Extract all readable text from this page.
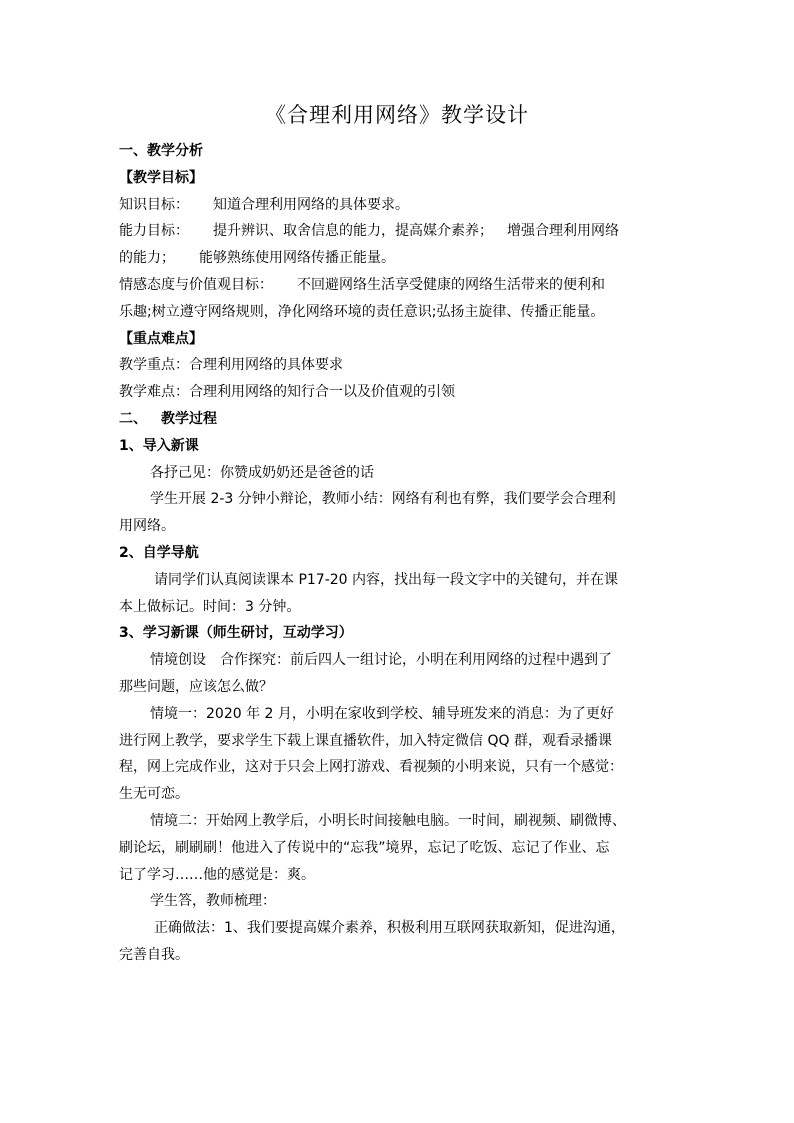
《合理利用网络》教学设计

一、教学分析

【教学目标】

知识目标： 知道合理利用网络的具体要求。

能力目标： 提升辨识、取舍信息的能力，提高媒介素养； 增强合理利用网络

的能力； 能够熟练使用网络传播正能量。

情感态度与价值观目标： 不回避网络生活享受健康的网络生活带来的便利和

乐趣;树立遵守网络规则，净化网络环境的责任意识;弘扬主旋律、传播正能量。

【重点难点】

教学重点：合理利用网络的具体要求

教学难点：合理利用网络的知行合一以及价值观的引领

二、 教学过程

1、导入新课

各抒己见：你赞成奶奶还是爸爸的话

学生开展 2-3 分钟小辩论，教师小结：网络有利也有弊，我们要学会合理利

用网络。

2、自学导航

请同学们认真阅读课本 P17-20 内容，找出每一段文字中的关键句，并在课

本上做标记。时间：3 分钟。

3、学习新课（师生研讨，互动学习）

情境创设 合作探究：前后四人一组讨论，小明在利用网络的过程中遇到了

那些问题，应该怎么做？

情境一：2020 年 2 月，小明在家收到学校、辅导班发来的消息：为了更好

进行网上教学，要求学生下载上课直播软件，加入特定微信 QQ 群，观看录播课

程，网上完成作业，这对于只会上网打游戏、看视频的小明来说，只有一个感觉：

生无可恋。

情境二：开始网上教学后，小明长时间接触电脑。一时间，刷视频、刷微博、

刷论坛，刷刷刷！他进入了传说中的“忘我”境界，忘记了吃饭、忘记了作业、忘

记了学习……他的感觉是：爽。

学生答，教师梳理：

正确做法：1、我们要提高媒介素养，积极利用互联网获取新知，促进沟通，

完善自我。
